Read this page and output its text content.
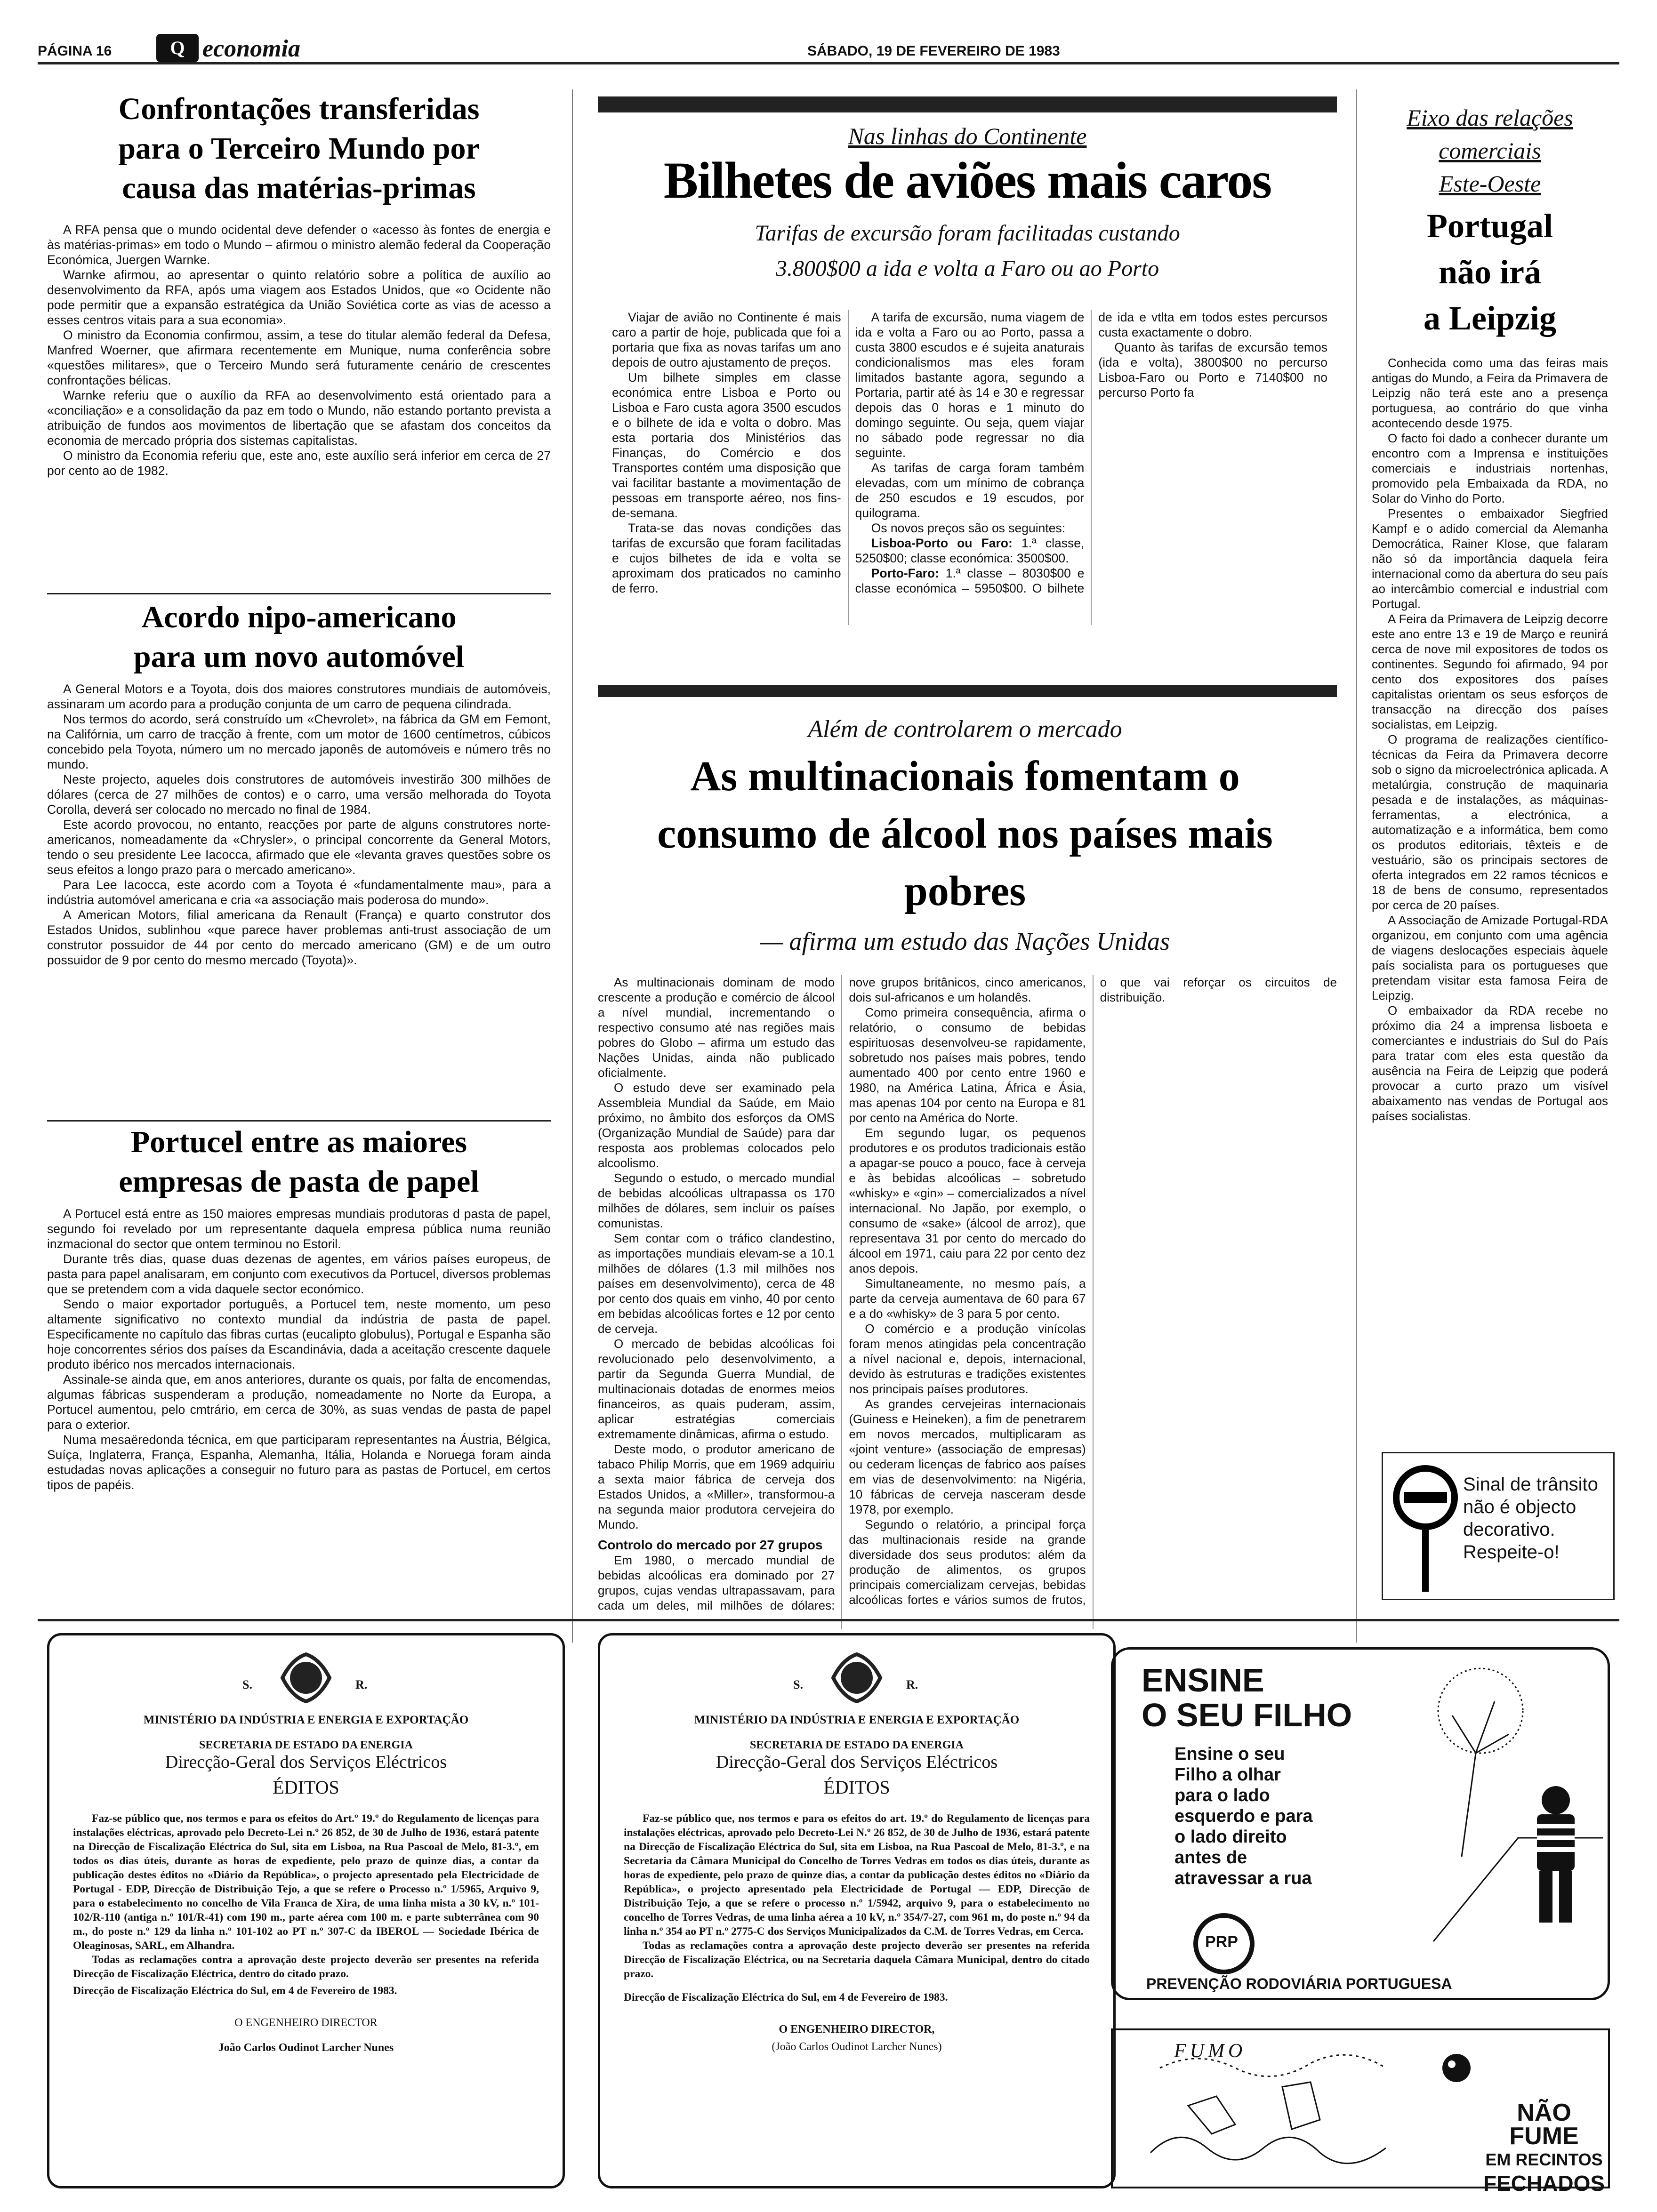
PÁGINA 16	Q economia	SÁBADO, 19 DE FEVEREIRO DE 1983
Confrontações transferidas para o Terceiro Mundo por causa das matérias-primas

A RFA pensa que o mundo ocidental deve defender o «acesso às fontes de energia e às matérias-primas» em todo o Mundo – afirmou o ministro alemão federal da Cooperação Económica, Juergen Warnke.

Warnke afirmou, ao apresentar o quinto relatório sobre a política de auxílio ao desenvolvimento da RFA, após uma viagem aos Estados Unidos, que «o Ocidente não pode permitir que a expansão estratégica da União Soviética corte as vias de acesso a esses centros vitais para a sua economia».

O ministro da Economia confirmou, assim, a tese do titular alemão federal da Defesa, Manfred Woerner, que afirmara recentemente em Munique, numa conferência sobre «questões militares», que o Terceiro Mundo será futuramente cenário de crescentes confrontações bélicas.

Warnke referiu que o auxílio da RFA ao desenvolvimento está orientado para a «conciliação» e a consolidação da paz em todo o Mundo, não estando portanto prevista a atribuição de fundos aos movimentos de libertação que se afastam dos conceitos da economia de mercado própria dos sistemas capitalistas.

O ministro da Economia referiu que, este ano, este auxílio será inferior em cerca de 27 por cento ao de 1982.

Acordo nipo-americano para um novo automóvel

A General Motors e a Toyota, dois dos maiores construtores mundiais de automóveis, assinaram um acordo para a produção conjunta de um carro de pequena cilindrada.

Nos termos do acordo, será construído um «Chevrolet», na fábrica da GM em Femont, na Califórnia, um carro de tracção à frente, com um motor de 1600 centímetros, cúbicos concebido pela Toyota, número um no mercado japonês de automóveis e número três no mundo.

Neste projecto, aqueles dois construtores de automóveis investirão 300 milhões de dólares (cerca de 27 milhões de contos) e o carro, uma versão melhorada do Toyota Corolla, deverá ser colocado no mercado no final de 1984.

Este acordo provocou, no entanto, reacções por parte de alguns construtores norte-americanos, nomeadamente da «Chrysler», o principal concorrente da General Motors, tendo o seu presidente Lee Iacocca, afirmado que ele «levanta graves questões sobre os seus efeitos a longo prazo para o mercado americano».

Para Lee Iacocca, este acordo com a Toyota é «fundamentalmente mau», para a indústria automóvel americana e cria «a associação mais poderosa do mundo».

A American Motors, filial americana da Renault (França) e quarto construtor dos Estados Unidos, sublinhou «que parece haver problemas anti-trust associação de um construtor possuidor de 44 por cento do mercado americano (GM) e de um outro possuidor de 9 por cento do mesmo mercado (Toyota)».

Portucel entre as maiores empresas de pasta de papel

A Portucel está entre as 150 maiores empresas mundiais produtoras d pasta de papel, segundo foi revelado por um representante daquela empresa pública numa reunião inzmacional do sector que ontem terminou no Estoril.

Durante três dias, quase duas dezenas de agentes, em vários países europeus, de pasta para papel analisaram, em conjunto com executivos da Portucel, diversos problemas que se pretendem com a vida daquele sector económico.

Sendo o maior exportador português, a Portucel tem, neste momento, um peso altamente significativo no contexto mundial da indústria de pasta de papel. Especificamente no capítulo das fibras curtas (eucalipto globulus), Portugal e Espanha são hoje concorrentes sérios dos países da Escandinávia, dada a aceitação crescente daquele produto ibérico nos mercados internacionais.

Assinale-se ainda que, em anos anteriores, durante os quais, por falta de encomendas, algumas fábricas suspenderam a produção, nomeadamente no Norte da Europa, a Portucel aumentou, pelo cmtrário, em cerca de 30%, as suas vendas de pasta de papel para o exterior.

Numa mesaëredonda técnica, em que participaram representantes na Áustria, Bélgica, Suíça, Inglaterra, França, Espanha, Alemanha, Itália, Holanda e Noruega foram ainda estudadas novas aplicações a conseguir no futuro para as pastas de Portucel, em certos tipos de papéis.

Nas linhas do Continente
Bilhetes de aviões mais caros
Tarifas de excursão foram facilitadas custando
3.800$00 a ida e volta a Faro ou ao Porto

Viajar de avião no Continente é mais caro a partir de hoje, publicada que foi a portaria que fixa as novas tarifas um ano depois de outro ajustamento de preços.

Um bilhete simples em classe económica entre Lisboa e Porto ou Lisboa e Faro custa agora 3500 escudos e o bilhete de ida e volta o dobro. Mas esta portaria dos Ministérios das Finanças, do Comércio e dos Transportes contém uma disposição que vai facilitar bastante a movimentação de pessoas em transporte aéreo, nos fins-de-semana.

Trata-se das novas condições das tarifas de excursão que foram facilitadas e cujos bilhetes de ida e volta se aproximam dos praticados no caminho de ferro.

A tarifa de excursão, numa viagem de ida e volta a Faro ou ao Porto, passa a custa 3800 escudos e é sujeita anaturais condicionalismos mas eles foram limitados bastante agora, segundo a Portaria, partir até às 14 e 30 e regressar depois das 0 horas e 1 minuto do domingo seguinte. Ou seja, quem viajar no sábado pode regressar no dia seguinte.

As tarifas de carga foram também elevadas, com um mínimo de cobrança de 250 escudos e 19 escudos, por quilograma.

Os novos preços são os seguintes:

Lisboa-Porto ou Faro: 1.ª classe, 5250$00; classe económica: 3500$00.

Porto-Faro: 1.ª classe – 8030$00 e classe económica – 5950$00. O bilhete de ida e vtlta em todos estes percursos custa exactamente o dobro.

Quanto às tarifas de excursão temos (ida e volta), 3800$00 no percurso Lisboa-Faro ou Porto e 7140$00 no percurso Porto fa

Além de controlarem o mercado
As multinacionais fomentam o consumo de álcool nos países mais pobres
— afirma um estudo das Nações Unidas

As multinacionais dominam de modo crescente a produção e comércio de álcool a nível mundial, incrementando o respectivo consumo até nas regiões mais pobres do Globo – afirma um estudo das Nações Unidas, ainda não publicado oficialmente.

O estudo deve ser examinado pela Assembleia Mundial da Saúde, em Maio próximo, no âmbito dos esforços da OMS (Organização Mundial de Saúde) para dar resposta aos problemas colocados pelo alcoolismo.

Segundo o estudo, o mercado mundial de bebidas alcoólicas ultrapassa os 170 milhões de dólares, sem incluir os países comunistas.

Sem contar com o tráfico clandestino, as importações mundiais elevam-se a 10.1 milhões de dólares (1.3 mil milhões nos países em desenvolvimento), cerca de 48 por cento dos quais em vinho, 40 por cento em bebidas alcoólicas fortes e 12 por cento de cerveja.

O mercado de bebidas alcoólicas foi revolucionado pelo desenvolvimento, a partir da Segunda Guerra Mundial, de multinacionais dotadas de enormes meios financeiros, as quais puderam, assim, aplicar estratégias comerciais extremamente dinâmicas, afirma o estudo.

Deste modo, o produtor americano de tabaco Philip Morris, que em 1969 adquiriu a sexta maior fábrica de cerveja dos Estados Unidos, a «Miller», transformou-a na segunda maior produtora cervejeira do Mundo.

Controlo do mercado por 27 grupos

Em 1980, o mercado mundial de bebidas alcoólicas era dominado por 27 grupos, cujas vendas ultrapassavam, para cada um deles, mil milhões de dólares: nove grupos britânicos, cinco americanos, dois sul-africanos e um holandês.

Como primeira consequência, afirma o relatório, o consumo de bebidas espirituosas desenvolveu-se rapidamente, sobretudo nos países mais pobres, tendo aumentado 400 por cento entre 1960 e 1980, na América Latina, África e Ásia, mas apenas 104 por cento na Europa e 81 por cento na América do Norte.

Em segundo lugar, os pequenos produtores e os produtos tradicionais estão a apagar-se pouco a pouco, face à cerveja e às bebidas alcoólicas – sobretudo «whisky» e «gin» – comercializados a nível internacional. No Japão, por exemplo, o consumo de «sake» (álcool de arroz), que representava 31 por cento do mercado do álcool em 1971, caiu para 22 por cento dez anos depois.

Simultaneamente, no mesmo país, a parte da cerveja aumentava de 60 para 67 e a do «whisky» de 3 para 5 por cento.

O comércio e a produção vinícolas foram menos atingidas pela concentração a nível nacional e, depois, internacional, devido às estruturas e tradições existentes nos principais países produtores.

As grandes cervejeiras internacionais (Guiness e Heineken), a fim de penetrarem em novos mercados, multiplicaram as «joint venture» (associação de empresas) ou cederam licenças de fabrico aos países em vias de desenvolvimento: na Nigéria, 10 fábricas de cerveja nasceram desde 1978, por exemplo.

Segundo o relatório, a principal força das multinacionais reside na grande diversidade dos seus produtos: além da produção de alimentos, os grupos principais comercializam cervejas, bebidas alcoólicas fortes e vários sumos de frutos, o que vai reforçar os circuitos de distribuição.

Eixo das relações
comerciais
Este-Oeste
Portugal
não irá
a Leipzig

Conhecida como uma das feiras mais antigas do Mundo, a Feira da Primavera de Leipzig não terá este ano a presença portuguesa, ao contrário do que vinha acontecendo desde 1975.

O facto foi dado a conhecer durante um encontro com a Imprensa e instituições comerciais e industriais nortenhas, promovido pela Embaixada da RDA, no Solar do Vinho do Porto.

Presentes o embaixador Siegfried Kampf e o adido comercial da Alemanha Democrática, Rainer Klose, que falaram não só da importância daquela feira internacional como da abertura do seu país ao intercâmbio comercial e industrial com Portugal.

A Feira da Primavera de Leipzig decorre este ano entre 13 e 19 de Março e reunirá cerca de nove mil expositores de todos os continentes. Segundo foi afirmado, 94 por cento dos expositores dos países capitalistas orientam os seus esforços de transacção na direcção dos países socialistas, em Leipzig.

O programa de realizações científico-técnicas da Feira da Primavera decorre sob o signo da microelectrónica aplicada. A metalúrgia, construção de maquinaria pesada e de instalações, as máquinas-ferramentas, a electrónica, a automatização e a informática, bem como os produtos editoriais, têxteis e de vestuário, são os principais sectores de oferta integrados em 22 ramos técnicos e 18 de bens de consumo, representados por cerca de 20 países.

A Associação de Amizade Portugal-RDA organizou, em conjunto com uma agência de viagens deslocações especiais àquele país socialista para os portugueses que pretendam visitar esta famosa Feira de Leipzig.

O embaixador da RDA recebe no próximo dia 24 a imprensa lisboeta e comerciantes e industriais do Sul do País para tratar com eles esta questão da ausência na Feira de Leipzig que poderá provocar a curto prazo um visível abaixamento nas vendas de Portugal aos países socialistas.

Sinal de trânsito
não é objecto
decorativo.
Respeite-o!
S.	R.
MINISTÉRIO DA INDÚSTRIA E ENERGIA E EXPORTAÇÃO
SECRETARIA DE ESTADO DA ENERGIA
Direcção-Geral dos Serviços Eléctricos
ÉDITOS

Faz-se público que, nos termos e para os efeitos do Art.º 19.º do Regulamento de licenças para instalações eléctricas, aprovado pelo Decreto-Lei n.º 26 852, de 30 de Julho de 1936, estará patente na Direcção de Fiscalização Eléctrica do Sul, sita em Lisboa, na Rua Pascoal de Melo, 81-3.º, em todos os dias úteis, durante as horas de expediente, pelo prazo de quinze dias, a contar da publicação destes éditos no «Diário da República», o projecto apresentado pela Electricidade de Portugal - EDP, Direcção de Distribuição Tejo, a que se refere o Processo n.º 1/5965, Arquivo 9, para o estabelecimento no concelho de Vila Franca de Xira, de uma linha mista a 30 kV, n.º 101-102/R-110 (antiga n.º 101/R-41) com 190 m., parte aérea com 100 m. e parte subterrânea com 90 m., do poste n.º 129 da linha n.º 101-102 ao PT n.º 307-C da IBEROL — Sociedade Ibérica de Oleaginosas, SARL, em Alhandra.

Todas as reclamações contra a aprovação deste projecto deverão ser presentes na referida Direcção de Fiscalização Eléctrica, dentro do citado prazo.

Direcção de Fiscalização Eléctrica do Sul, em 4 de Fevereiro de 1983.

O ENGENHEIRO DIRECTOR

João Carlos Oudinot Larcher Nunes

S.	R.
MINISTÉRIO DA INDÚSTRIA E ENERGIA E EXPORTAÇÃO
SECRETARIA DE ESTADO DA ENERGIA
Direcção-Geral dos Serviços Eléctricos
ÉDITOS

Faz-se público que, nos termos e para os efeitos do art. 19.º do Regulamento de licenças para instalações eléctricas, aprovado pelo Decreto-Lei N.º 26 852, de 30 de Julho de 1936, estará patente na Direcção de Fiscalização Eléctrica do Sul, sita em Lisboa, na Rua Pascoal de Melo, 81-3.º, e na Secretaria da Câmara Municipal do Concelho de Torres Vedras em todos os dias úteis, durante as horas de expediente, pelo prazo de quinze dias, a contar da publicação destes éditos no «Diário da República», o projecto apresentado pela Electricidade de Portugal — EDP, Direcção de Distribuição Tejo, a que se refere o processo n.º 1/5942, arquivo 9, para o estabelecimento no concelho de Torres Vedras, de uma linha aérea a 10 kV, n.º 354/7-27, com 961 m, do poste n.º 94 da linha n.º 354 ao PT n.º 2775-C dos Serviços Municipalizados da C.M. de Torres Vedras, em Cerca.

Todas as reclamações contra a aprovação deste projecto deverão ser presentes na referida Direcção de Fiscalização Eléctrica, ou na Secretaria daquela Câmara Municipal, dentro do citado prazo.

Direcção de Fiscalização Eléctrica do Sul, em 4 de Fevereiro de 1983.

O ENGENHEIRO DIRECTOR,

(João Carlos Oudinot Larcher Nunes)

ENSINE
O SEU FILHO
Ensine o seu
Filho a olhar
para o lado
esquerdo e para
o lado direito
antes de
atravessar a rua
PRP
PREVENÇÃO RODOVIÁRIA PORTUGUESA
FUMO
NÃO FUME
EM RECINTOS
FECHADOS
